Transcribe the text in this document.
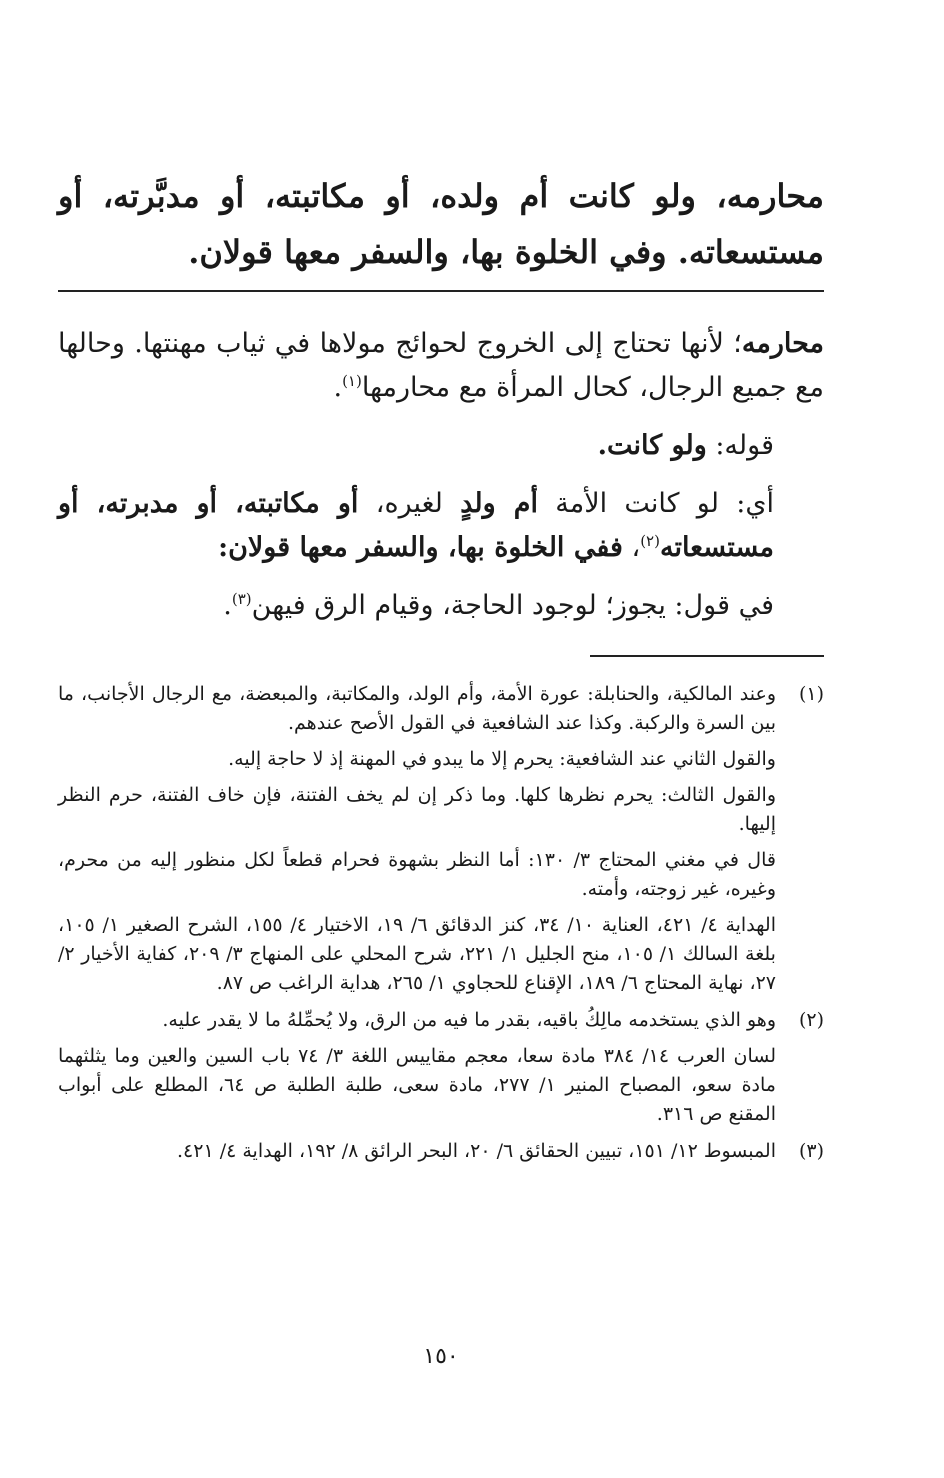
محارمه، ولو كانت أم ولده، أو مكاتبته، أو مدبَّرته، أو مستسعاته. وفي الخلوة بها، والسفر معها قولان.

محارمه؛ لأنها تحتاج إلى الخروج لحوائج مولاها في ثياب مهنتها. وحالها مع جميع الرجال، كحال المرأة مع محارمها$^{(١)}$.

قوله: ولو كانت.

أي: لو كانت الأمة أم ولدٍ لغيره، أو مكاتبته، أو مدبرته، أو مستسعاته$^{(٢)}$، ففي الخلوة بها، والسفر معها قولان:

في قول: يجوز؛ لوجود الحاجة، وقيام الرق فيهن$^{(٣)}$.

(١)

وعند المالكية، والحنابلة: عورة الأمة، وأم الولد، والمكاتبة، والمبعضة، مع الرجال الأجانب، ما بين السرة والركبة. وكذا عند الشافعية في القول الأصح عندهم.

والقول الثاني عند الشافعية: يحرم إلا ما يبدو في المهنة إذ لا حاجة إليه.

والقول الثالث: يحرم نظرها كلها. وما ذكر إن لم يخف الفتنة، فإن خاف الفتنة، حرم النظر إليها.

قال في مغني المحتاج ٣/ ١٣٠: أما النظر بشهوة فحرام قطعاً لكل منظور إليه من محرم، وغيره، غير زوجته، وأمته.

الهداية ٤/ ٤٢١، العناية ١٠/ ٣٤، كنز الدقائق ٦/ ١٩، الاختيار ٤/ ١٥٥، الشرح الصغير ١/ ١٠٥، بلغة السالك ١/ ١٠٥، منح الجليل ١/ ٢٢١، شرح المحلي على المنهاج ٣/ ٢٠٩، كفاية الأخيار ٢/ ٢٧، نهاية المحتاج ٦/ ١٨٩، الإقناع للحجاوي ١/ ٢٦٥، هداية الراغب ص ٨٧.

(٢)

وهو الذي يستخدمه مالِكُ باقيه، بقدر ما فيه من الرق، ولا يُحمِّلهُ ما لا يقدر عليه.

لسان العرب ١٤/ ٣٨٤ مادة سعا، معجم مقاييس اللغة ٣/ ٧٤ باب السين والعين وما يثلثهما مادة سعو، المصباح المنير ١/ ٢٧٧، مادة سعى، طلبة الطلبة ص ٦٤، المطلع على أبواب المقنع ص ٣١٦.

(٣)

المبسوط ١٢/ ١٥١، تبيين الحقائق ٦/ ٢٠، البحر الرائق ٨/ ١٩٢، الهداية ٤/ ٤٢١.

١٥٠
